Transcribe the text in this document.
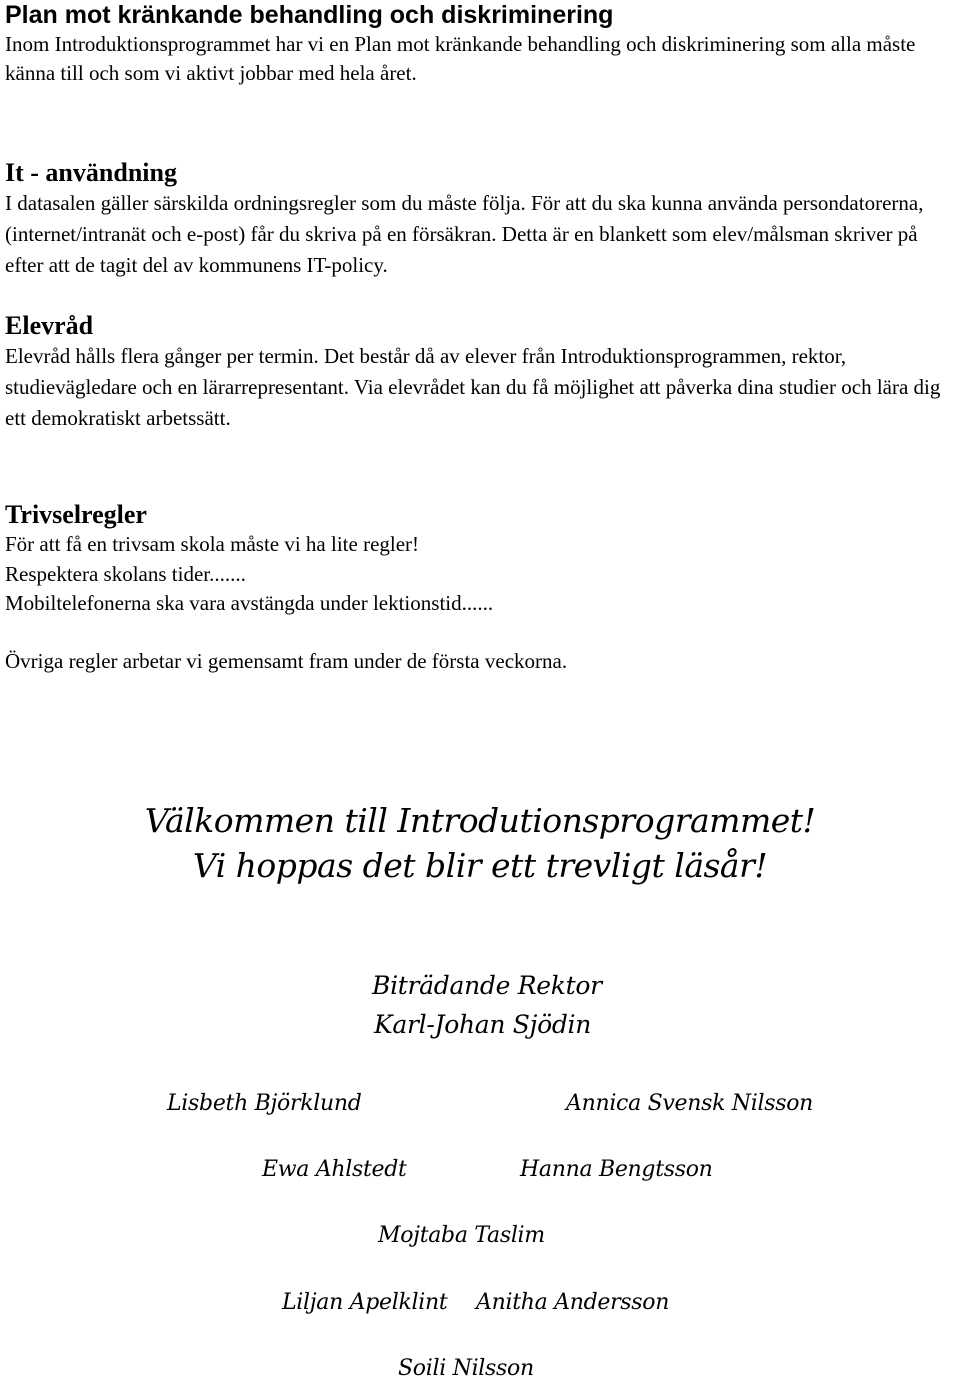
Plan mot kränkande behandling och diskriminering

Inom Introduktionsprogrammet har vi en Plan mot kränkande behandling och diskriminering som alla måste känna till och som vi aktivt jobbar med hela året.

It - användning

I datasalen gäller särskilda ordningsregler som du måste följa. För att du ska kunna använda persondatorerna, (internet/intranät och e-post) får du skriva på en försäkran. Detta är en blankett som elev/målsman skriver på efter att de tagit del av kommunens IT-policy.

Elevråd

Elevråd hålls flera gånger per termin. Det består då av elever från Introduktionsprogrammen, rektor, studievägledare och en lärarrepresentant. Via elevrådet kan du få möjlighet att påverka dina studier och lära dig ett demokratiskt arbetssätt.

Trivselregler
För att få en trivsam skola måste vi ha lite regler!
Respektera skolans tider.......
Mobiltelefonerna ska vara avstängda under lektionstid......
Övriga regler arbetar vi gemensamt fram under de första veckorna.
Välkommen till Introdutionsprogrammet!
Vi hoppas det blir ett trevligt läsår!
Biträdande Rektor
Karl-Johan Sjödin
Lisbeth Björklund	Annica Svensk Nilsson
Ewa Ahlstedt	Hanna Bengtsson
Mojtaba Taslim
Liljan Apelklint Anitha Andersson
Soili Nilsson
